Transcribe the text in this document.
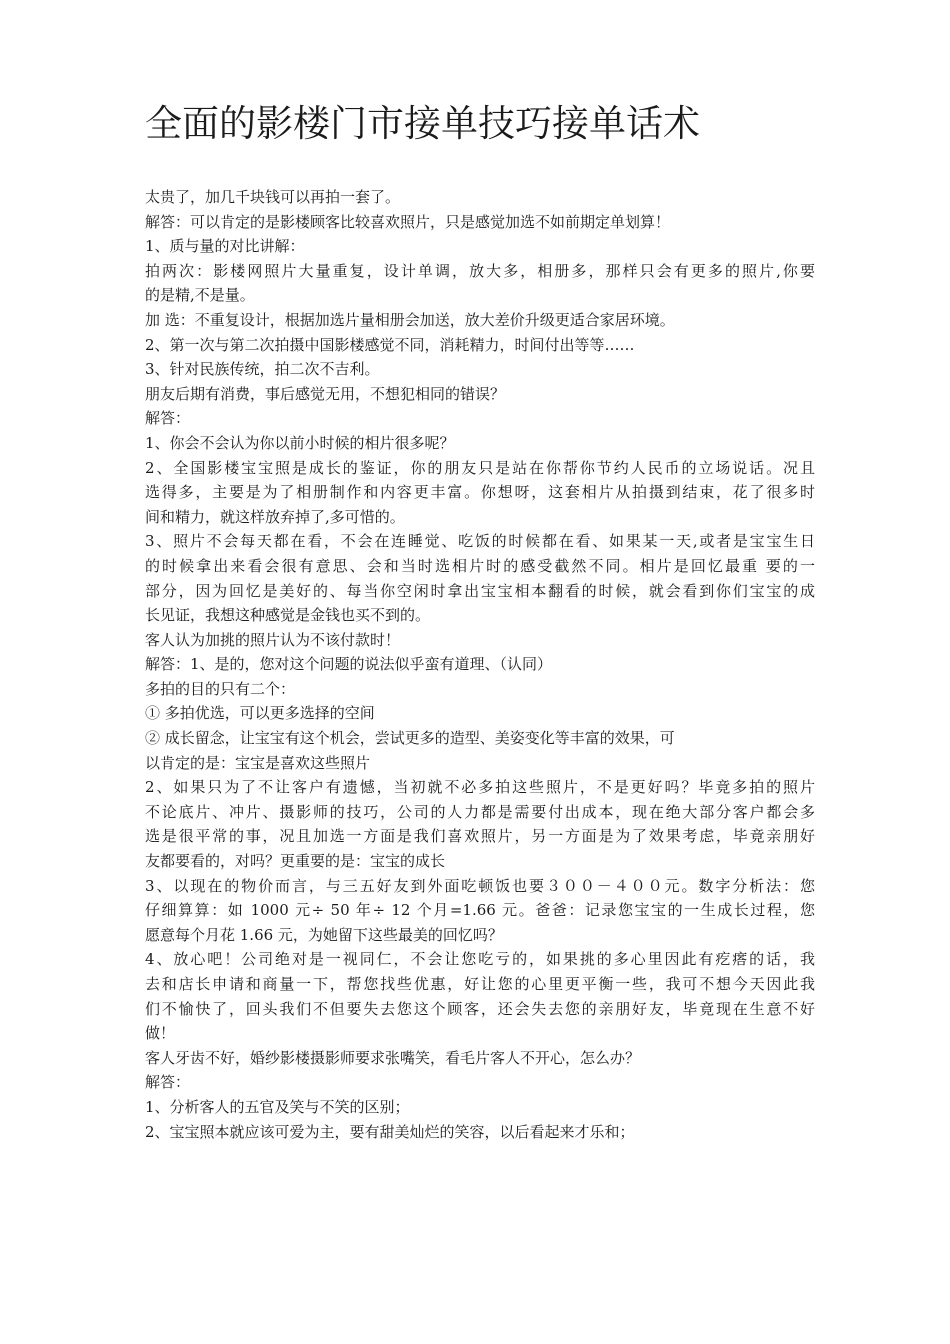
全面的影楼门市接单技巧接单话术
太贵了，加几千块钱可以再拍一套了。
解答：可以肯定的是影楼顾客比较喜欢照片，只是感觉加选不如前期定单划算！
1、质与量的对比讲解：
拍两次：影楼网照片大量重复，设计单调，放大多，相册多，那样只会有更多的照片,你要
的是精,不是量。
加 选：不重复设计，根据加选片量相册会加送，放大差价升级更适合家居环境。
2、第一次与第二次拍摄中国影楼感觉不同，消耗精力，时间付出等等……
3、针对民族传统，拍二次不吉利。
朋友后期有消费，事后感觉无用，不想犯相同的错误？
解答：
1、你会不会认为你以前小时候的相片很多呢？
2、全国影楼宝宝照是成长的鉴证，你的朋友只是站在你帮你节约人民币的立场说话。况且
选得多，主要是为了相册制作和内容更丰富。你想呀，这套相片从拍摄到结束，花了很多时
间和精力，就这样放弃掉了,多可惜的。
3、照片不会每天都在看，不会在连睡觉、吃饭的时候都在看、如果某一天,或者是宝宝生日
的时候拿出来看会很有意思、会和当时选相片时的感受截然不同。相片是回忆最重 要的一
部分，因为回忆是美好的、每当你空闲时拿出宝宝相本翻看的时候，就会看到你们宝宝的成
长见证，我想这种感觉是金钱也买不到的。
客人认为加挑的照片认为不该付款时！
解答：1、是的，您对这个问题的说法似乎蛮有道理、（认同）
多拍的目的只有二个：
① 多拍优选，可以更多选择的空间
② 成长留念，让宝宝有这个机会，尝试更多的造型、美姿变化等丰富的效果，可
以肯定的是：宝宝是喜欢这些照片
2、如果只为了不让客户有遗憾，当初就不必多拍这些照片，不是更好吗？毕竟多拍的照片
不论底片、冲片、摄影师的技巧，公司的人力都是需要付出成本，现在绝大部分客户都会多
选是很平常的事，况且加选一方面是我们喜欢照片，另一方面是为了效果考虑，毕竟亲朋好
友都要看的，对吗？更重要的是：宝宝的成长
3、以现在的物价而言，与三五好友到外面吃顿饭也要３００－４００元。数字分析法：您
仔细算算：如 1000 元÷ 50 年÷ 12 个月=1.66 元。爸爸：记录您宝宝的一生成长过程，您
愿意每个月花 1.66 元，为她留下这些最美的回忆吗？
4、放心吧！公司绝对是一视同仁，不会让您吃亏的，如果挑的多心里因此有疙瘩的话，我
去和店长申请和商量一下，帮您找些优惠，好让您的心里更平衡一些，我可不想今天因此我
们不愉快了，回头我们不但要失去您这个顾客，还会失去您的亲朋好友，毕竟现在生意不好
做！
客人牙齿不好，婚纱影楼摄影师要求张嘴笑，看毛片客人不开心，怎么办？
解答：
1、分析客人的五官及笑与不笑的区别；
2、宝宝照本就应该可爱为主，要有甜美灿烂的笑容，以后看起来才乐和；
